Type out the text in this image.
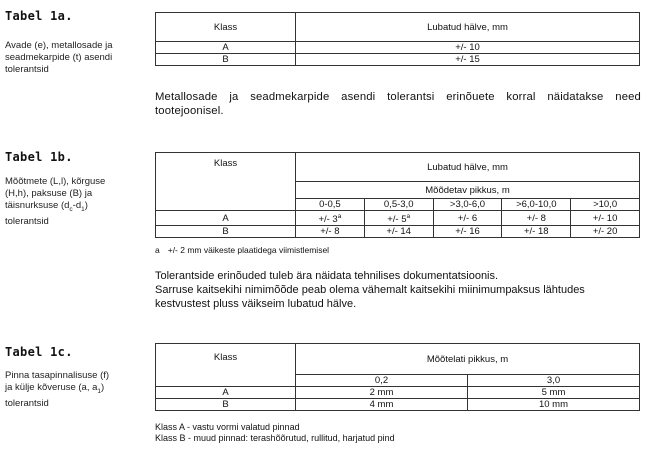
Tabel 1a.
Avade (e), metallosade ja
seadmekarpide (t) asendi
tolerantsid
Klass	Lubatud hälve, mm
A	+/- 10
B	+/- 15
Metallosade ja seadmekarpide asendi tolerantsi erinõuete korral näidatakse need
tootejoonisel.
Tabel 1b.
Mõõtmete (L,l), kõrguse
(H,h), paksuse (B) ja
täisnurksuse $(d_c-d_1)$
tolerantsid
Klass	Lubatud hälve, mm				
	Mõõdetav pikkus, m				
	0-0,5	0,5-3,0	>3,0-6,0	>6,0-10,0	>10,0
A	+/- $3^a$	+/- $5^a$	+/- 6	+/- 8	+/- 10
B	+/- 8	+/- 14	+/- 16	+/- 18	+/- 20
a +/- 2 mm väikeste plaatidega viimistlemisel
Tolerantside erinõuded tuleb ära näidata tehnilises dokumentatsioonis.
Sarruse kaitsekihi nimimõõde peab olema vähemalt kaitsekihi miinimumpaksus lähtudes
kestvustest pluss väikseim lubatud hälve.
Tabel 1c.
Pinna tasapinnalisuse (f)
ja külje kõveruse (a, $a_1$)
tolerantsid
Klass	Mõõtelati pikkus, m	
	0,2	3,0
A	2 mm	5 mm
B	4 mm	10 mm
Klass A - vastu vormi valatud pinnad
Klass B - muud pinnad: terashõõrutud, rullitud, harjatud pind
